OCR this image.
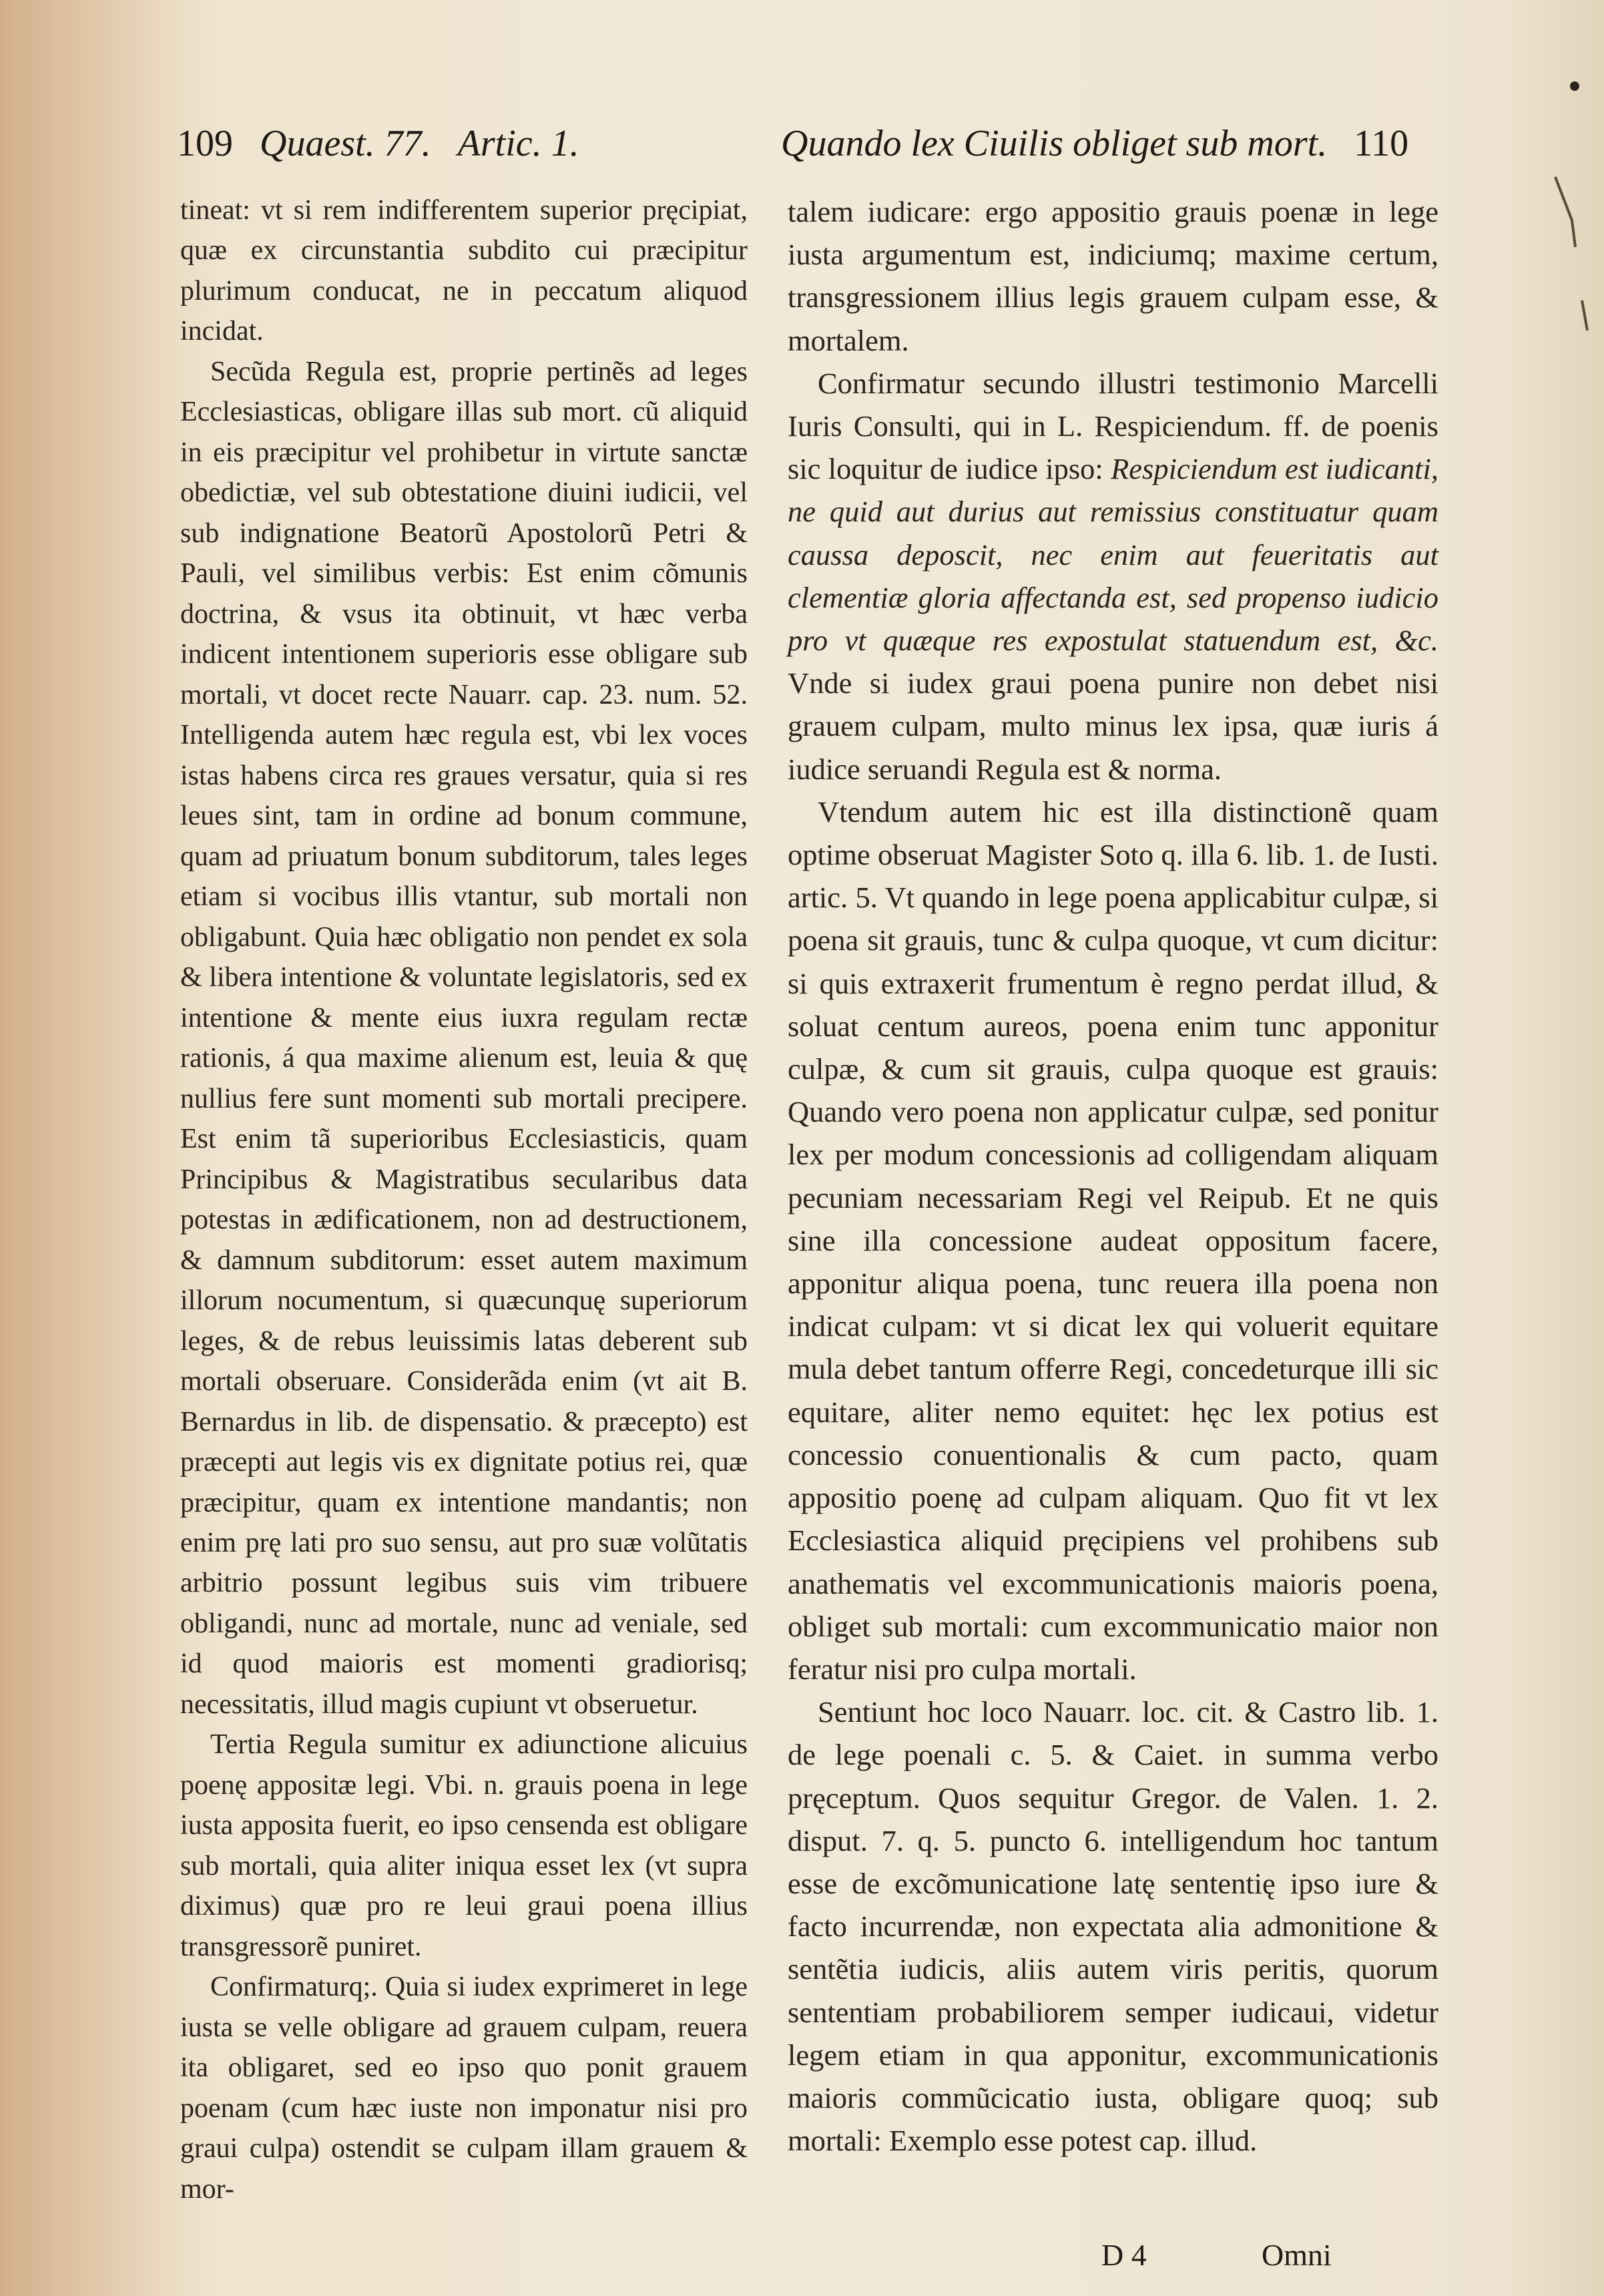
109 Quaest. 77. Artic. 1.	Quando lex Ciuilis obliget sub mort. 110

tineat: vt si rem indifferentem superior pręcipiat, quæ ex circunstantia subdito cui præcipitur plurimum conducat, ne in peccatum aliquod incidat.

Secũda Regula est, proprie pertinẽs ad leges Ecclesiasticas, obligare illas sub mort. cũ aliquid in eis præcipitur vel prohibetur in virtute sanctæ obedictiæ, vel sub obtestatione diuini iudicii, vel sub indignatione Beatorũ Apostolorũ Petri & Pauli, vel similibus verbis: Est enim cõmunis doctrina, & vsus ita obtinuit, vt hæc verba indicent intentionem superioris esse obligare sub mortali, vt docet recte Nauarr. cap. 23. num. 52. Intelligenda autem hæc regula est, vbi lex voces istas habens circa res graues versatur, quia si res leues sint, tam in ordine ad bonum commune, quam ad priuatum bonum subditorum, tales leges etiam si vocibus illis vtantur, sub mortali non obligabunt. Quia hæc obligatio non pendet ex sola & libera intentione & voluntate legislatoris, sed ex intentione & mente eius iuxra regulam rectæ rationis, á qua maxime alienum est, leuia & quę nullius fere sunt momenti sub mortali precipere. Est enim tã superioribus Ecclesiasticis, quam Principibus & Magistratibus secularibus data potestas in ædificationem, non ad destructionem, & damnum subditorum: esset autem maximum illorum nocumentum, si quæcunquę superiorum leges, & de rebus leuissimis latas deberent sub mortali obseruare. Considerãda enim (vt ait B. Bernardus in lib. de dispensatio. & præcepto) est præcepti aut legis vis ex dignitate potius rei, quæ præcipitur, quam ex intentione mandantis; non enim prę lati pro suo sensu, aut pro suæ volũtatis arbitrio possunt legibus suis vim tribuere obligandi, nunc ad mortale, nunc ad veniale, sed id quod maioris est momenti gradiorisq; necessitatis, illud magis cupiunt vt obseruetur.

Tertia Regula sumitur ex adiunctione alicuius poenę appositæ legi. Vbi. n. grauis poena in lege iusta apposita fuerit, eo ipso censenda est obligare sub mortali, quia aliter iniqua esset lex (vt supra diximus) quæ pro re leui graui poena illius transgressorẽ puniret.

Confirmaturq;. Quia si iudex exprimeret in lege iusta se velle obligare ad grauem culpam, reuera ita obligaret, sed eo ipso quo ponit grauem poenam (cum hæc iuste non imponatur nisi pro graui culpa) ostendit se culpam illam grauem & mor-

talem iudicare: ergo appositio grauis poenæ in lege iusta argumentum est, indiciumq; maxime certum, transgressionem illius legis grauem culpam esse, & mortalem.

Confirmatur secundo illustri testimonio Marcelli Iuris Consulti, qui in L. Respiciendum. ff. de poenis sic loquitur de iudice ipso: Respiciendum est iudicanti, ne quid aut durius aut remissius constituatur quam caussa deposcit, nec enim aut feueritatis aut clementiæ gloria affectanda est, sed propenso iudicio pro vt quæque res expostulat statuendum est, &c. Vnde si iudex graui poena punire non debet nisi grauem culpam, multo minus lex ipsa, quæ iuris á iudice seruandi Regula est & norma.

Vtendum autem hic est illa distinctionẽ quam optime obseruat Magister Soto q. illa 6. lib. 1. de Iusti. artic. 5. Vt quando in lege poena applicabitur culpæ, si poena sit grauis, tunc & culpa quoque, vt cum dicitur: si quis extraxerit frumentum è regno perdat illud, & soluat centum aureos, poena enim tunc apponitur culpæ, & cum sit grauis, culpa quoque est grauis: Quando vero poena non applicatur culpæ, sed ponitur lex per modum concessionis ad colligendam aliquam pecuniam necessariam Regi vel Reipub. Et ne quis sine illa concessione audeat oppositum facere, apponitur aliqua poena, tunc reuera illa poena non indicat culpam: vt si dicat lex qui voluerit equitare mula debet tantum offerre Regi, concedeturque illi sic equitare, aliter nemo equitet: hęc lex potius est concessio conuentionalis & cum pacto, quam appositio poenę ad culpam aliquam. Quo fit vt lex Ecclesiastica aliquid pręcipiens vel prohibens sub anathematis vel excommunicationis maioris poena, obliget sub mortali: cum excommunicatio maior non feratur nisi pro culpa mortali.

Sentiunt hoc loco Nauarr. loc. cit. & Castro lib. 1. de lege poenali c. 5. & Caiet. in summa verbo pręceptum. Quos sequitur Gregor. de Valen. 1. 2. disput. 7. q. 5. puncto 6. intelligendum hoc tantum esse de excõmunicatione latę sententię ipso iure & facto incurrendæ, non expectata alia admonitione & sentẽtia iudicis, aliis autem viris peritis, quorum sententiam probabiliorem semper iudicaui, videtur legem etiam in qua apponitur, excommunicationis maioris commũcicatio iusta, obligare quoq; sub mortali: Exemplo esse potest cap. illud.

D 4	Omni
